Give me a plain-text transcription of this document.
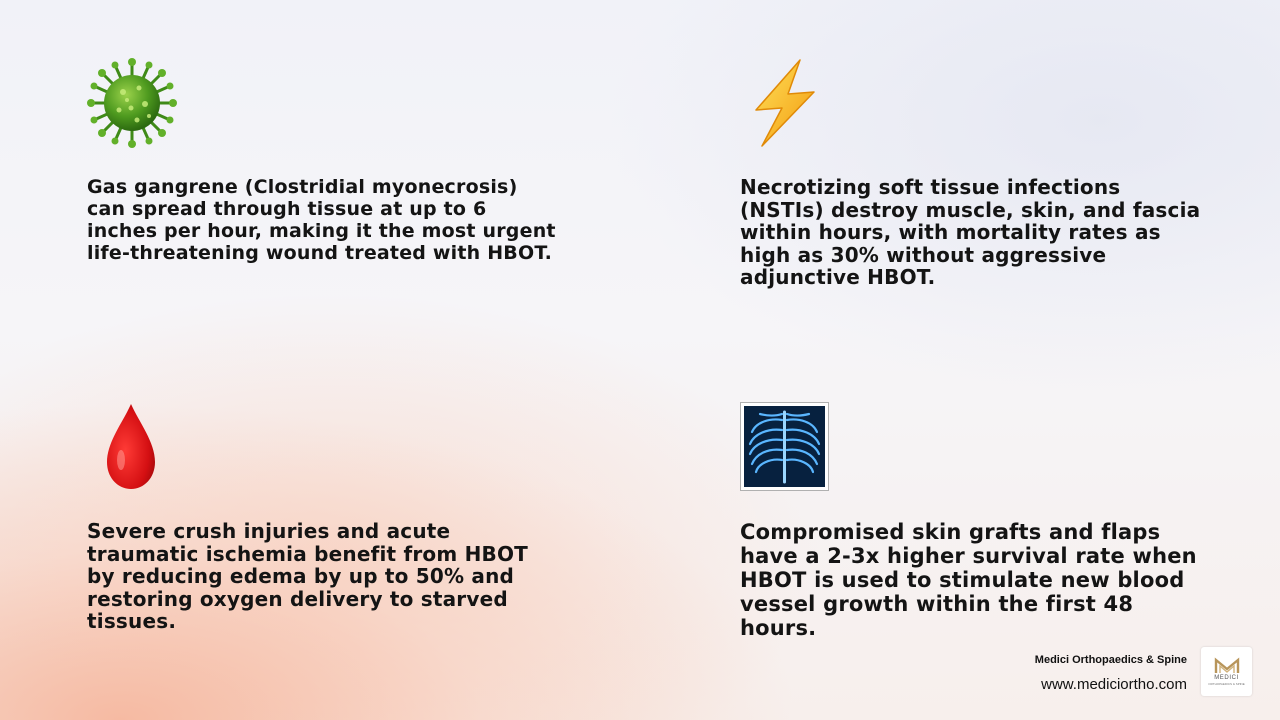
Gas gangrene (Clostridial myonecrosis) can spread through tissue at up to 6 inches per hour, making it the most urgent life-threatening wound treated with HBOT.

Necrotizing soft tissue infections (NSTIs) destroy muscle, skin, and fascia within hours, with mortality rates as high as 30% without aggressive adjunctive HBOT.

Severe crush injuries and acute traumatic ischemia benefit from HBOT by reducing edema by up to 50% and restoring oxygen delivery to starved tissues.

Compromised skin grafts and flaps have a 2-3x higher survival rate when HBOT is used to stimulate new blood vessel growth within the first 48 hours.

Medici Orthopaedics & Spine
www.mediciortho.com	MEDICI
ORTHOPAEDICS & SPINE
